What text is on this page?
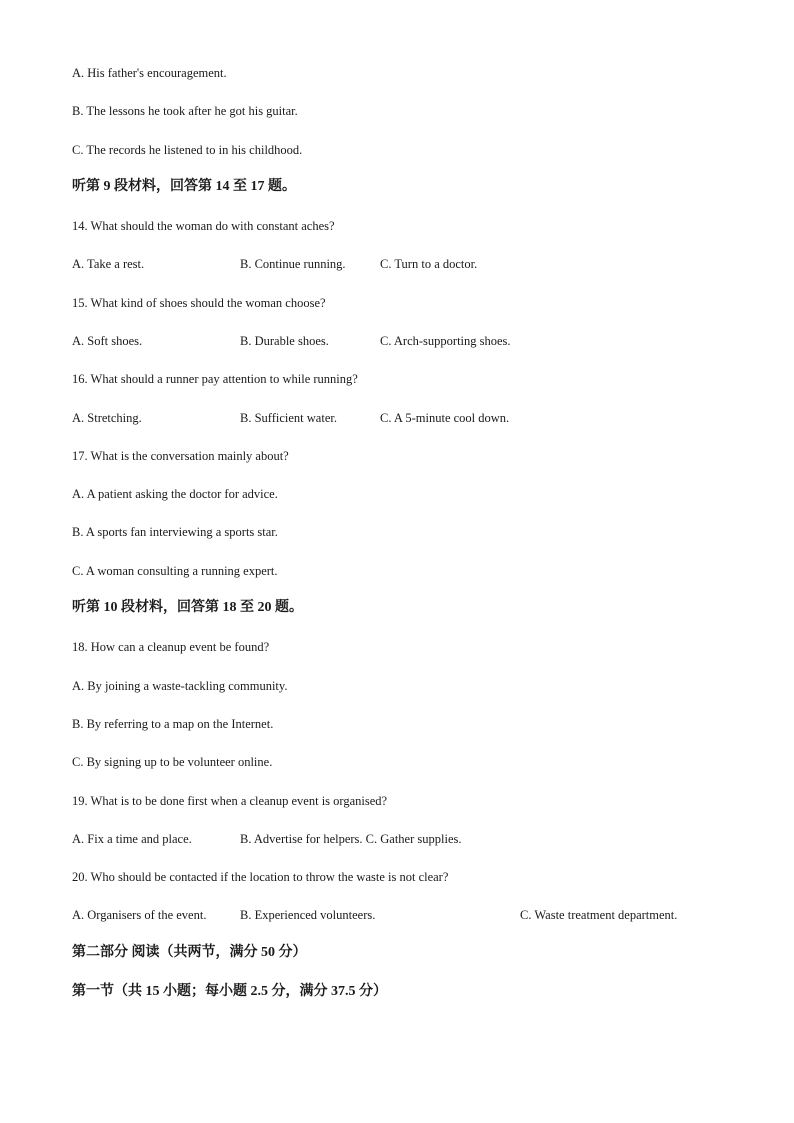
A. His father's encouragement.
B. The lessons he took after he got his guitar.
C. The records he listened to in his childhood.
听第 9 段材料，回答第 14 至 17 题。
14. What should the woman do with constant aches?
A. Take a rest.	B. Continue running.	C. Turn to a doctor.
15. What kind of shoes should the woman choose?
A. Soft shoes.	B. Durable shoes.	C. Arch-supporting shoes.
16. What should a runner pay attention to while running?
A. Stretching.	B. Sufficient water.	C. A 5-minute cool down.
17. What is the conversation mainly about?
A. A patient asking the doctor for advice.
B. A sports fan interviewing a sports star.
C. A woman consulting a running expert.
听第 10 段材料，回答第 18 至 20 题。
18. How can a cleanup event be found?
A. By joining a waste-tackling community.
B. By referring to a map on the Internet.
C. By signing up to be volunteer online.
19. What is to be done first when a cleanup event is organised?
A. Fix a time and place.	B. Advertise for helpers. C. Gather supplies.
20. Who should be contacted if the location to throw the waste is not clear?
A. Organisers of the event.	B. Experienced volunteers.	C. Waste treatment department.
第二部分 阅读（共两节，满分 50 分）
第一节（共 15 小题；每小题 2.5 分，满分 37.5 分）
